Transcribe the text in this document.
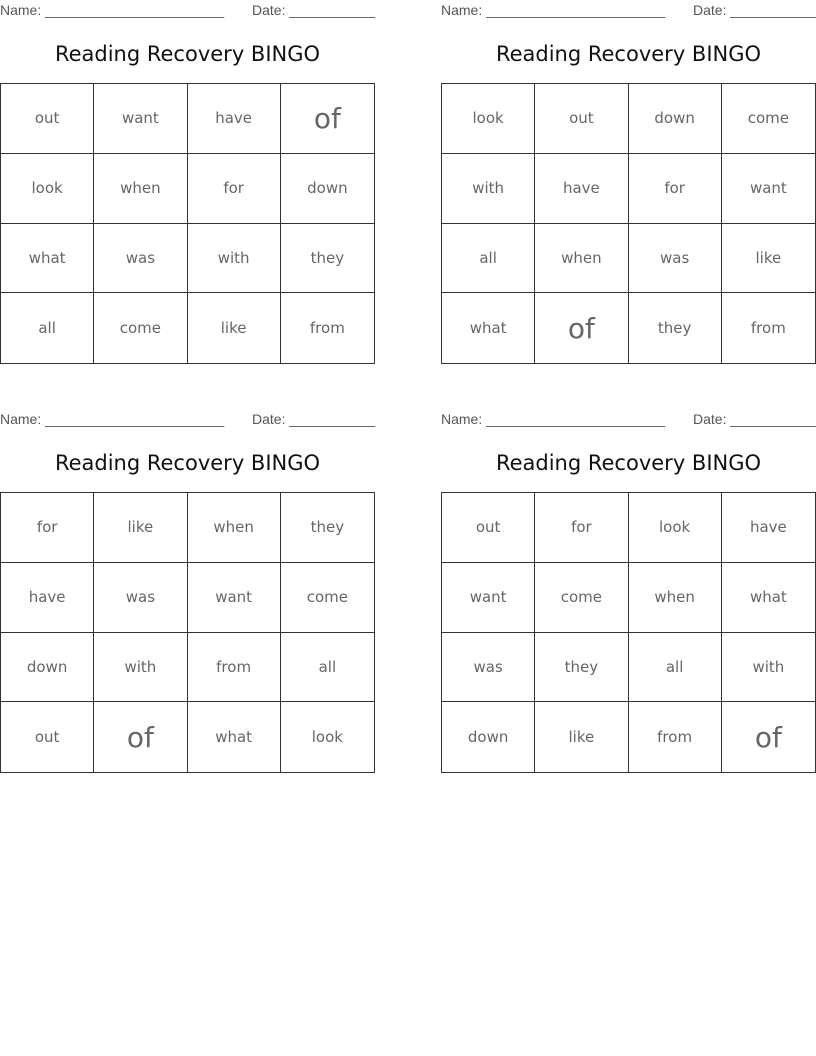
Name: _______________________ Date: ___________
Reading Recovery BINGO
out	want	have	of
look	when	for	down
what	was	with	they
all	come	like	from
Name: _______________________ Date: ___________
Reading Recovery BINGO
look	out	down	come
with	have	for	want
all	when	was	like
what	of	they	from
Name: _______________________ Date: ___________
Reading Recovery BINGO
for	like	when	they
have	was	want	come
down	with	from	all
out	of	what	look
Name: _______________________ Date: ___________
Reading Recovery BINGO
out	for	look	have
want	come	when	what
was	they	all	with
down	like	from	of
